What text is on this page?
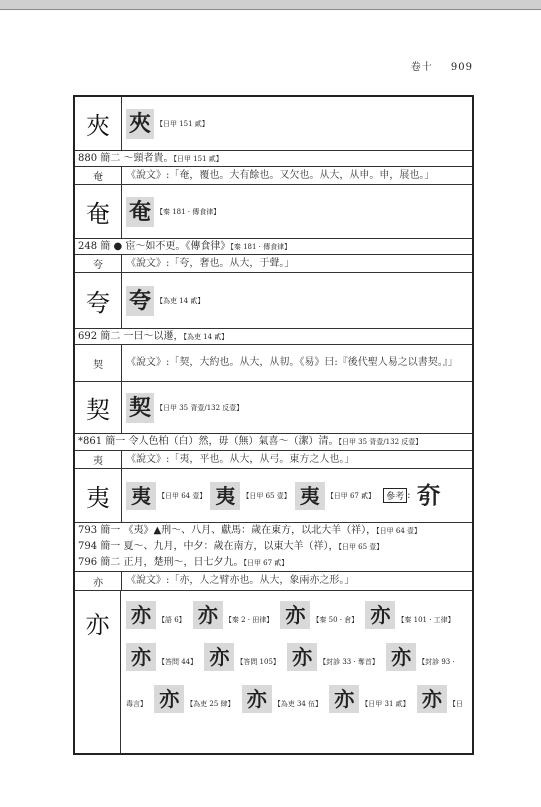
卷十 909
夾 夾 【日甲 151 貳】
880 簡二 ～頸者貴。【日甲 151 貳】
奄	《說文》:「奄，覆也。大有餘也。又欠也。从大，从申。申，展也。」
奄 奄 【秦 181 · 傳食律】
248 簡 ● 宦～如不更。《傳食律》【秦 181 · 傳食律】
夸	《說文》:「夸，奢也。从大，于聲。」
夸 夸 【為吏 14 貳】
692 簡二 一曰～以遷，【為吏 14 貳】
契	《說文》:「契，大約也。从大，从㓞。《易》曰:『後代聖人易之以書契。』」
契 契 【日甲 35 背壹/132 反壹】
*861 簡一 令人色柏（白）然，毋（無）氣喜～（潔）清。【日甲 35 背壹/132 反壹】
夷	《說文》:「夷，平也。从大，从弓。東方之人也。」
夷	夷	【日甲 64 壹】 夷	【日甲 65 壹】 夷	【日甲 67 貳】	參考 : 𡗵
793 簡一 《夷》▲刑～、八月、獻馬：歲在東方，以北大羊（祥），【日甲 64 壹】
794 簡一 夏～、九月，中夕：歲在南方，以東大羊（祥），【日甲 65 壹】
796 簡二 正月，楚刑～，日七夕九。【日甲 67 貳】
亦	《說文》:「亦，人之臂亦也。从大，象兩亦之形。」
亦	亦 【語 6】 亦 【秦 2 · 田律】 亦 【秦 50 · 倉】 亦 【秦 101 · 工律】
亦 【答問 44】 亦 【答問 105】 亦 【封診 33 · 奪首】 亦 【封診 93 ·
毒言】 亦 【為吏 25 肆】 亦 【為吏 34 伍】 亦 【日甲 31 貳】 亦 【日
